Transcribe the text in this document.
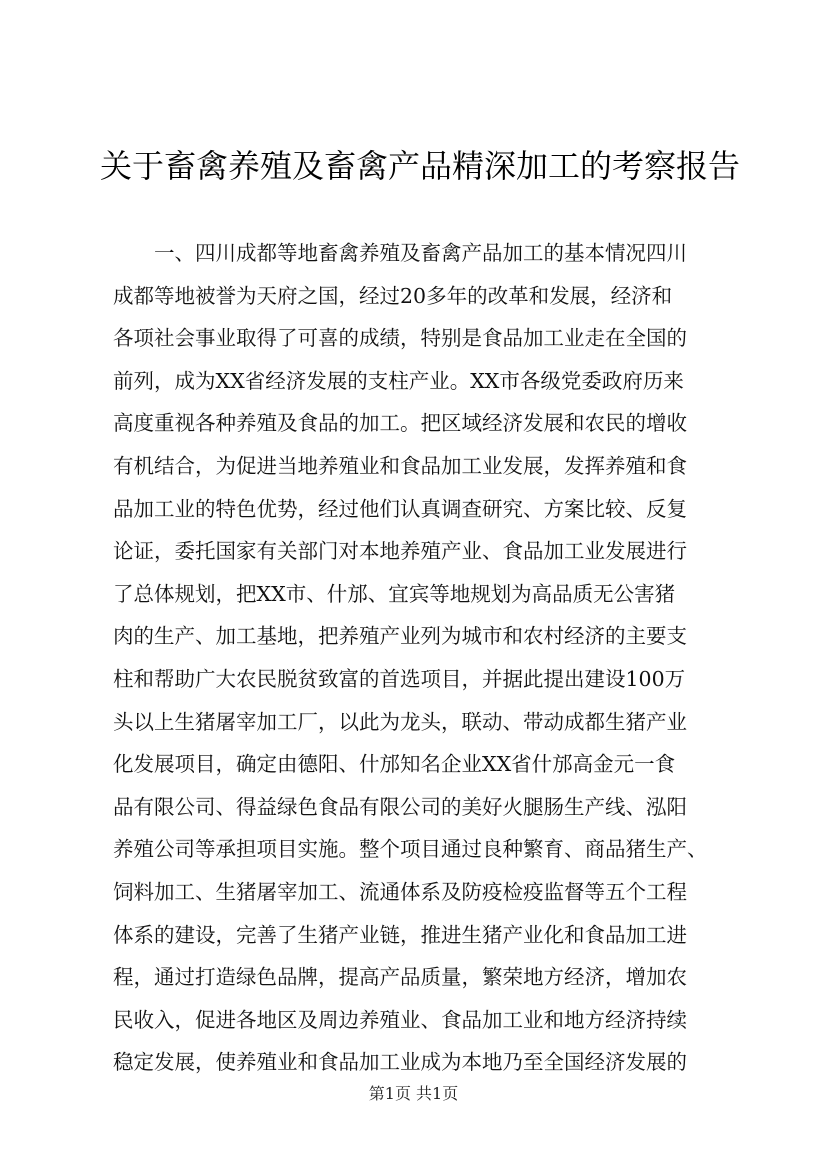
关于畜禽养殖及畜禽产品精深加工的考察报告
一、四川成都等地畜禽养殖及畜禽产品加工的基本情况四川
成都等地被誉为天府之国，经过20多年的改革和发展，经济和
各项社会事业取得了可喜的成绩，特别是食品加工业走在全国的
前列，成为XX省经济发展的支柱产业。XX市各级党委政府历来
高度重视各种养殖及食品的加工。把区域经济发展和农民的增收
有机结合，为促进当地养殖业和食品加工业发展，发挥养殖和食
品加工业的特色优势，经过他们认真调查研究、方案比较、反复
论证，委托国家有关部门对本地养殖产业、食品加工业发展进行
了总体规划，把XX市、什邡、宜宾等地规划为高品质无公害猪
肉的生产、加工基地，把养殖产业列为城市和农村经济的主要支
柱和帮助广大农民脱贫致富的首选项目，并据此提出建设100万
头以上生猪屠宰加工厂，以此为龙头，联动、带动成都生猪产业
化发展项目，确定由德阳、什邡知名企业XX省什邡高金元一食
品有限公司、得益绿色食品有限公司的美好火腿肠生产线、泓阳
养殖公司等承担项目实施。整个项目通过良种繁育、商品猪生产、
饲料加工、生猪屠宰加工、流通体系及防疫检疫监督等五个工程
体系的建设，完善了生猪产业链，推进生猪产业化和食品加工进
程，通过打造绿色品牌，提高产品质量，繁荣地方经济，增加农
民收入，促进各地区及周边养殖业、食品加工业和地方经济持续
稳定发展，使养殖业和食品加工业成为本地乃至全国经济发展的
第1页 共1页
